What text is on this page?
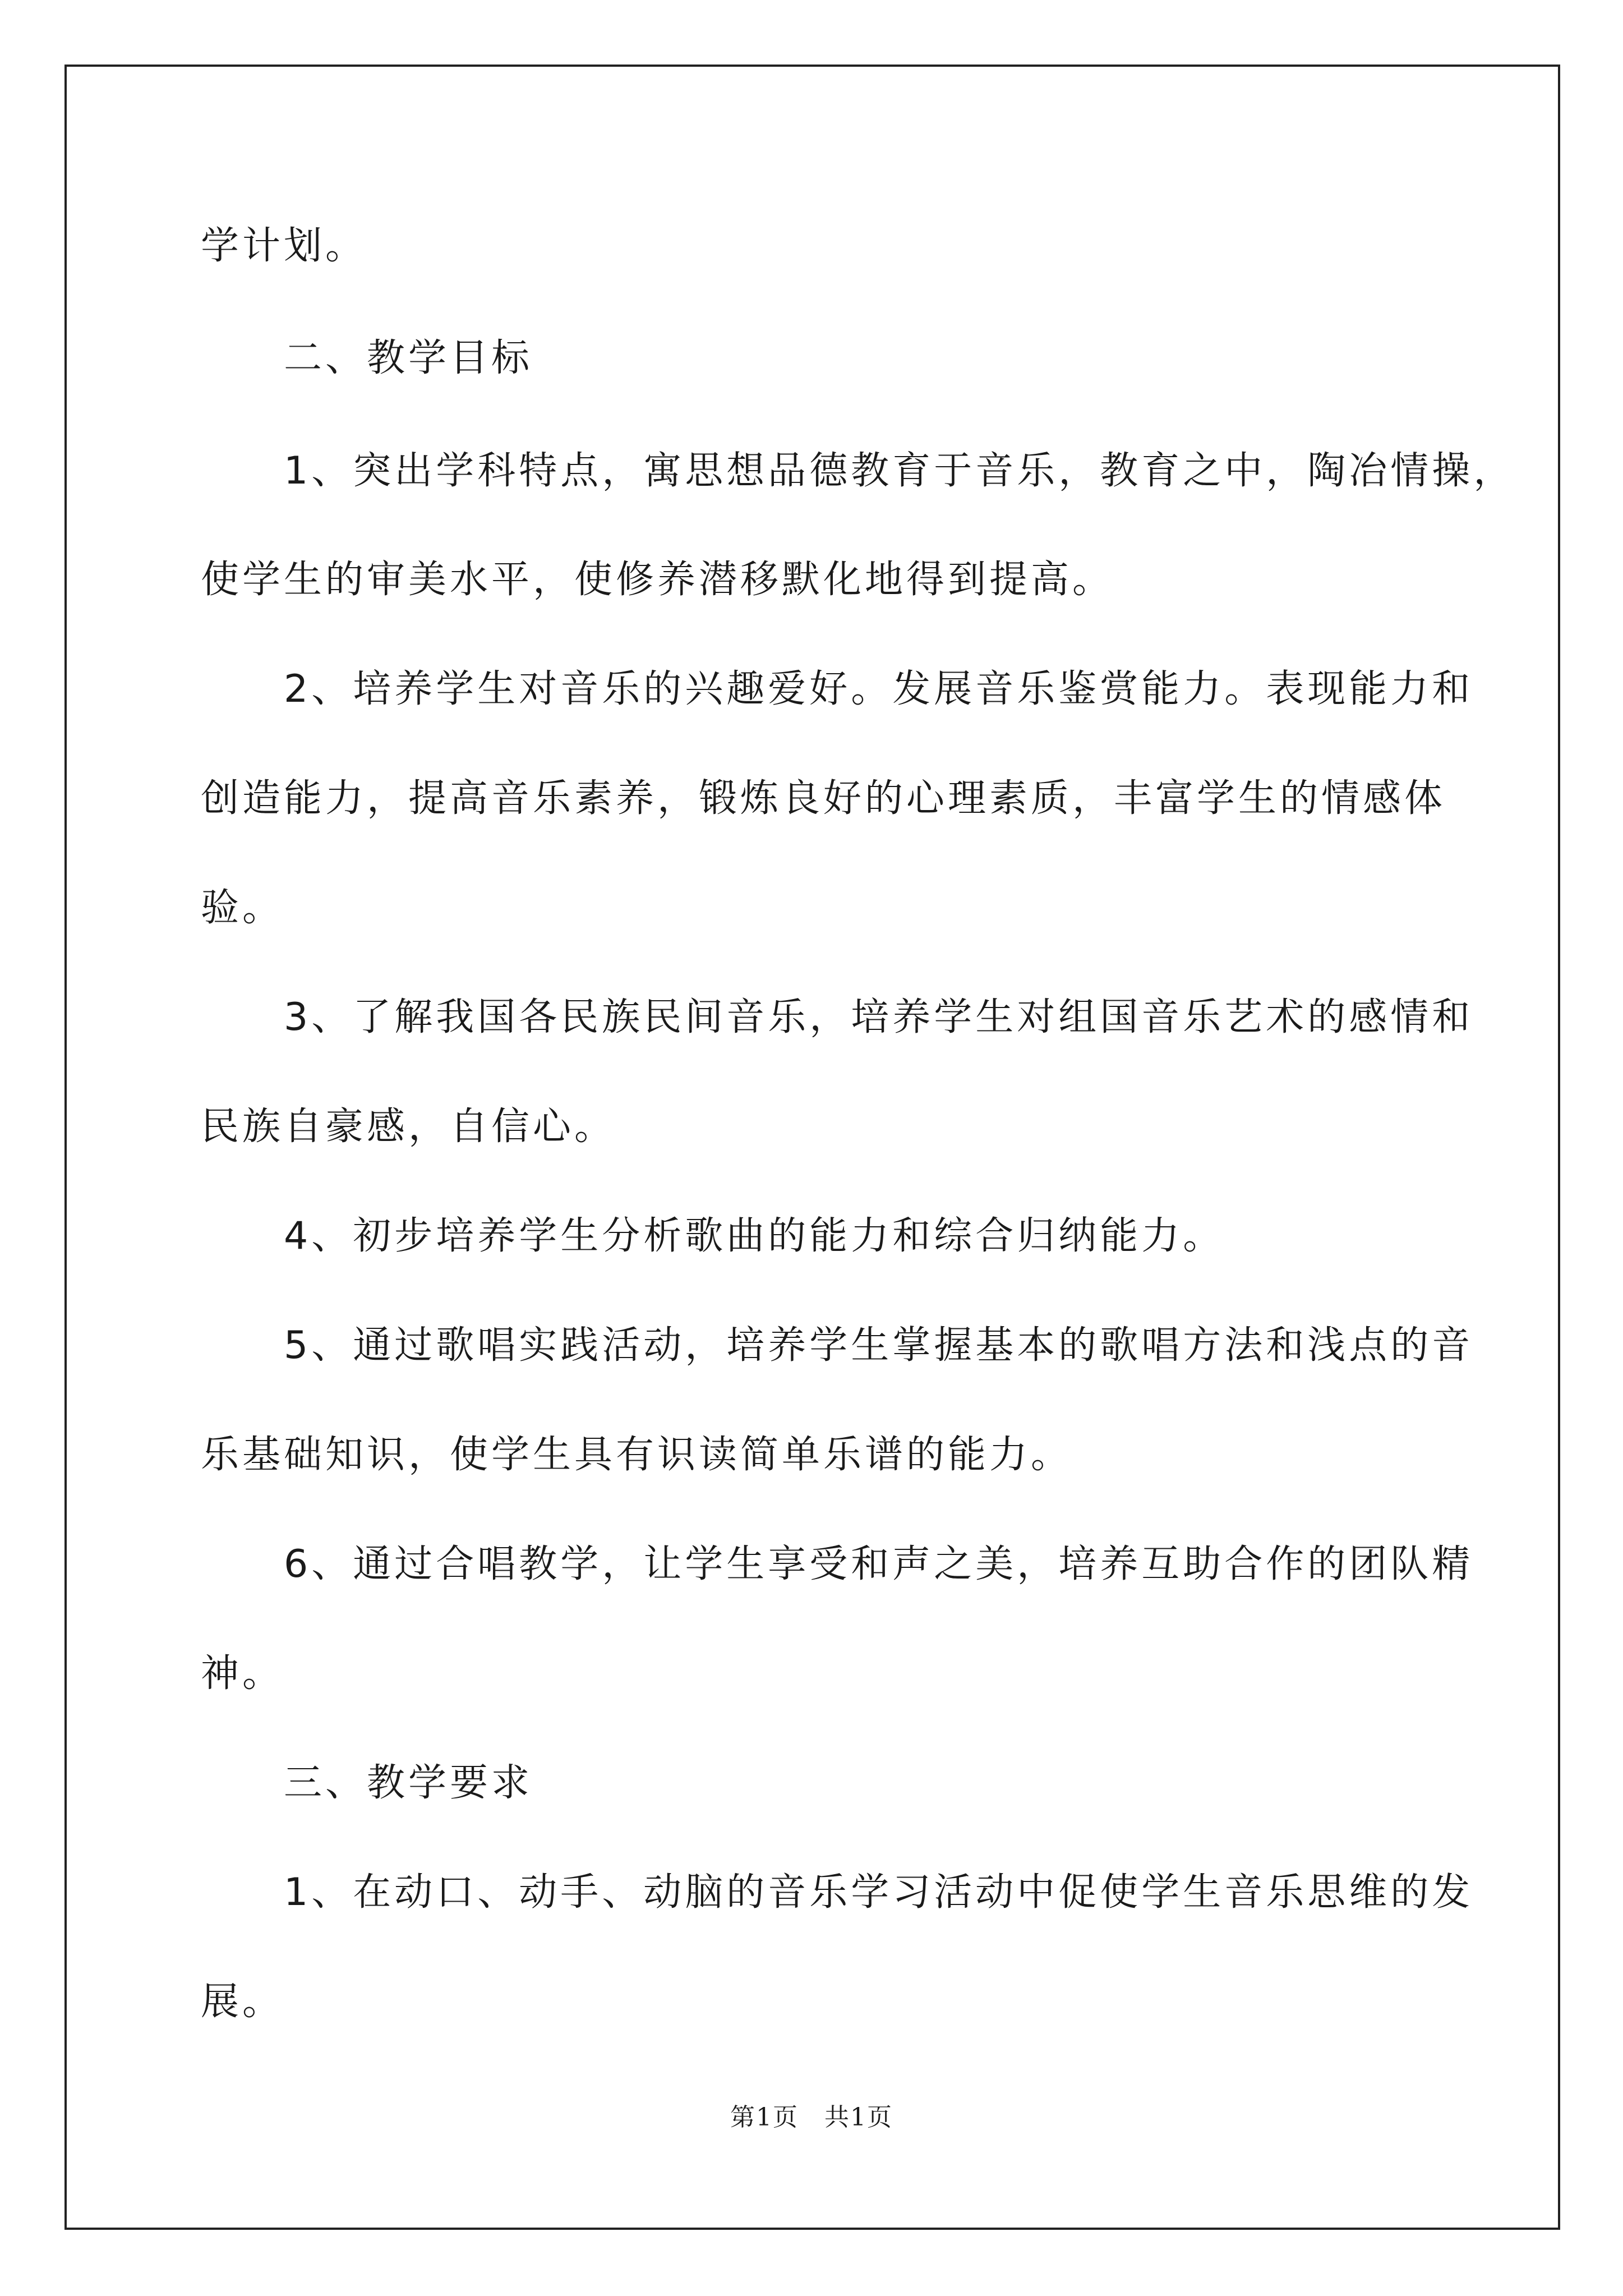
学计划。
　　二、教学目标
　　1、突出学科特点，寓思想品德教育于音乐，教育之中，陶冶情操，
使学生的审美水平，使修养潜移默化地得到提高。
　　2、培养学生对音乐的兴趣爱好。发展音乐鉴赏能力。表现能力和
创造能力，提高音乐素养，锻炼良好的心理素质，丰富学生的情感体
验。
　　3、了解我国各民族民间音乐，培养学生对组国音乐艺术的感情和
民族自豪感，自信心。
　　4、初步培养学生分析歌曲的能力和综合归纳能力。
　　5、通过歌唱实践活动，培养学生掌握基本的歌唱方法和浅点的音
乐基础知识，使学生具有识读简单乐谱的能力。
　　6、通过合唱教学，让学生享受和声之美，培养互助合作的团队精
神。
　　三、教学要求
　　1、在动口、动手、动脑的音乐学习活动中促使学生音乐思维的发
展。
第1页　共1页
